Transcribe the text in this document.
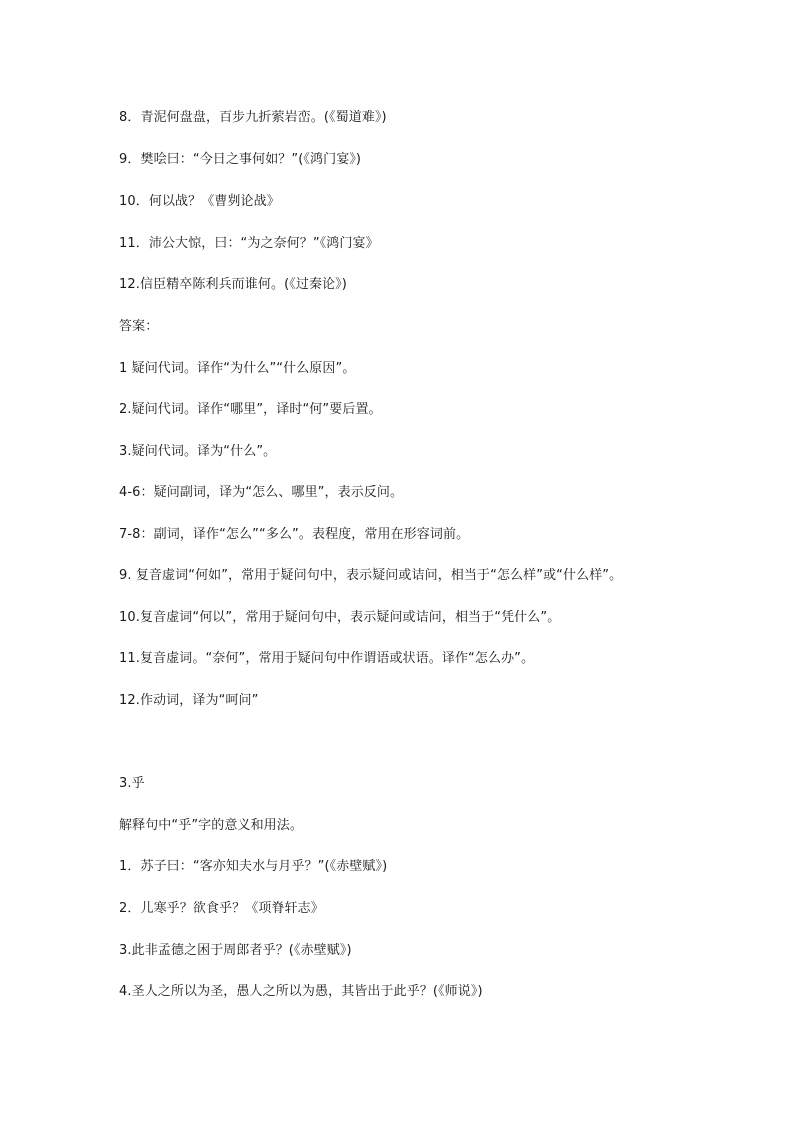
8．青泥何盘盘，百步九折萦岩峦。(《蜀道难》)
9．樊哙曰：“今日之事何如？”(《鸿门宴》)
10．何以战？《曹刿论战》
11．沛公大惊，曰：“为之奈何？”《鸿门宴》
12.信臣精卒陈利兵而谁何。(《过秦论》)
答案：
1 疑问代词。译作“为什么”“什么原因”。
2.疑问代词。译作“哪里”，译时“何”要后置。
3.疑问代词。译为“什么”。
4-6：疑问副词，译为“怎么、哪里”，表示反问。
7-8：副词，译作“怎么”“多么”。表程度，常用在形容词前。
9. 复音虚词“何如”，常用于疑问句中，表示疑问或诘问，相当于“怎么样”或“什么样”。
10.复音虚词“何以”，常用于疑问句中，表示疑问或诘问，相当于“凭什么”。
11.复音虚词。“奈何”，常用于疑问句中作谓语或状语。译作“怎么办”。
12.作动词，译为“呵问”
3.乎
解释句中“乎”字的意义和用法。
1．苏子曰：“客亦知夫水与月乎？”(《赤壁赋》)
2．儿寒乎？欲食乎？《项脊轩志》
3.此非孟德之困于周郎者乎？(《赤壁赋》)
4.圣人之所以为圣，愚人之所以为愚，其皆出于此乎？(《师说》)
